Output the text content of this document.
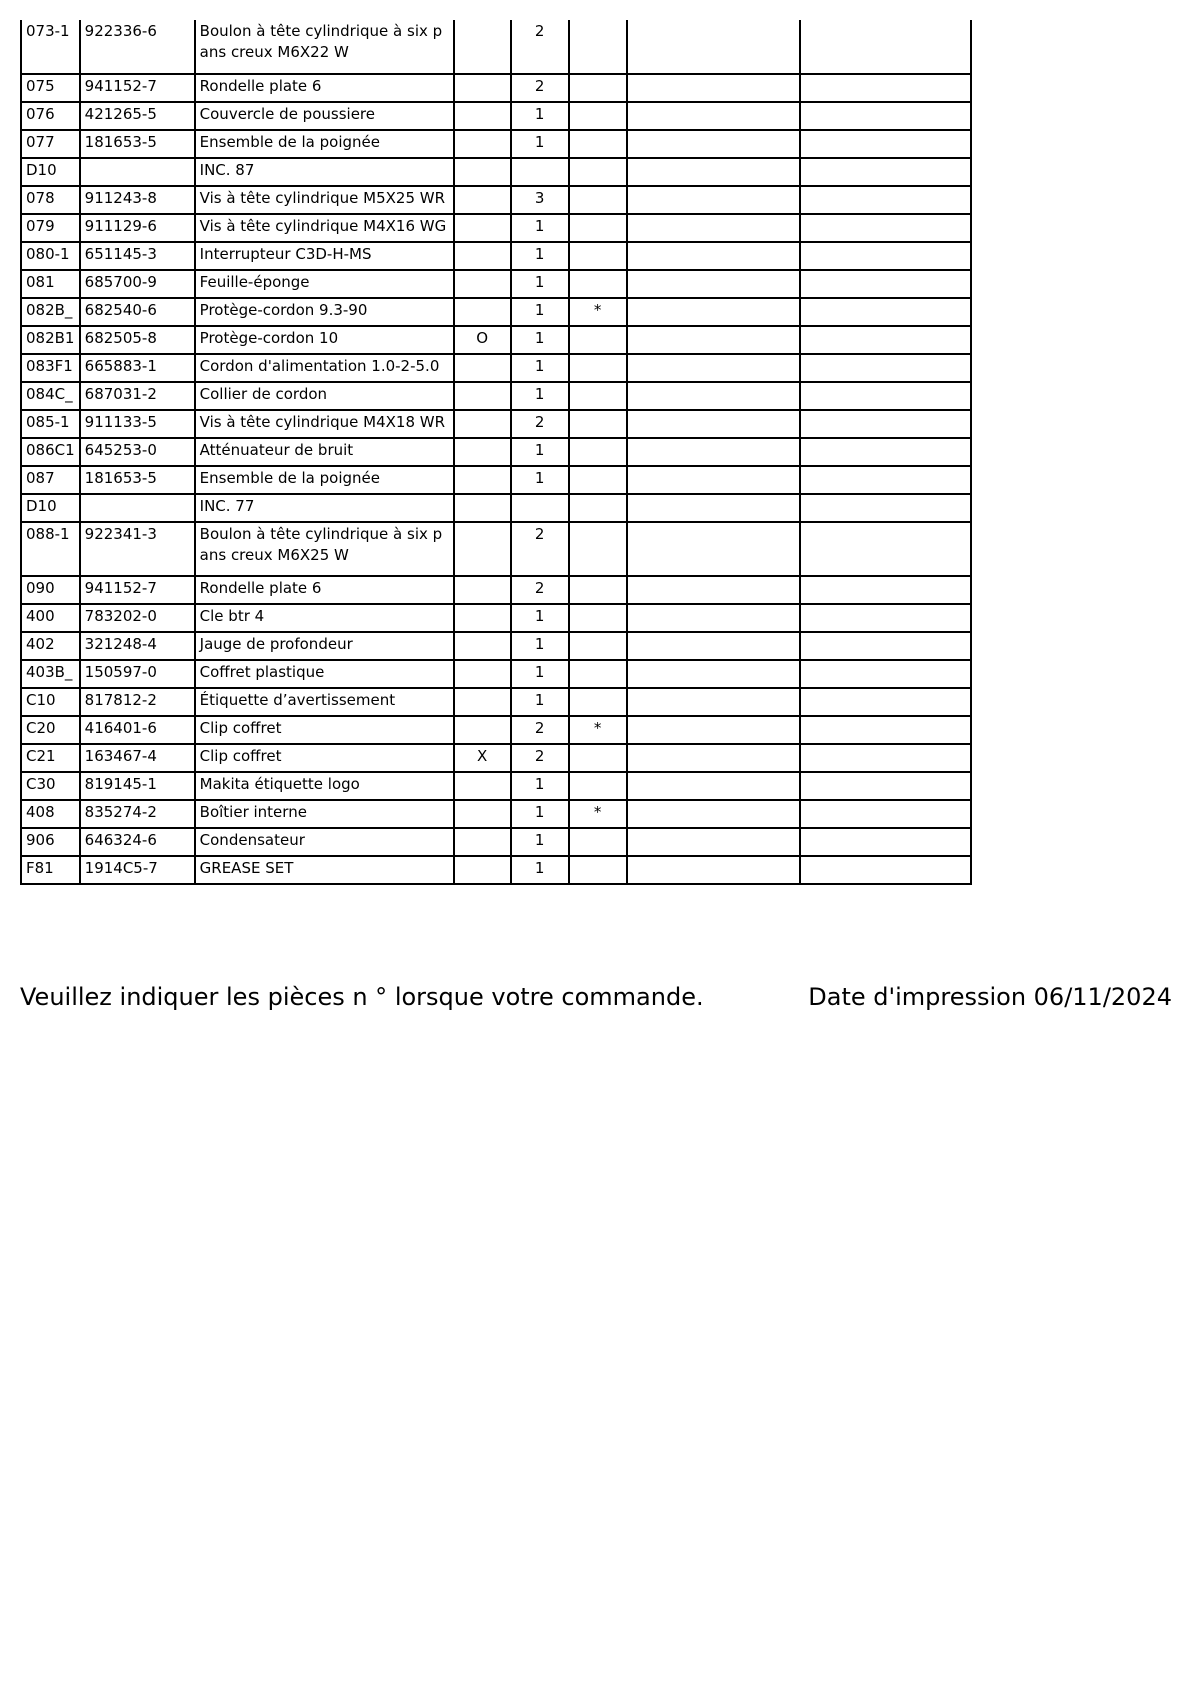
073-1	922336-6	Boulon à tête cylindrique à six pans creux M6X22 W		2			
075	941152-7	Rondelle plate 6		2			
076	421265-5	Couvercle de poussiere		1			
077	181653-5	Ensemble de la poignée		1			
D10		INC. 87					
078	911243-8	Vis à tête cylindrique M5X25 WR		3			
079	911129-6	Vis à tête cylindrique M4X16 WG		1			
080-1	651145-3	Interrupteur C3D-H-MS		1			
081	685700-9	Feuille-éponge		1			
082B_	682540-6	Protège-cordon 9.3-90		1	*		
082B1	682505-8	Protège-cordon 10	O	1			
083F1	665883-1	Cordon d'alimentation 1.0-2-5.0		1			
084C_	687031-2	Collier de cordon		1			
085-1	911133-5	Vis à tête cylindrique M4X18 WR		2			
086C1	645253-0	Atténuateur de bruit		1			
087	181653-5	Ensemble de la poignée		1			
D10		INC. 77					
088-1	922341-3	Boulon à tête cylindrique à six pans creux M6X25 W		2			
090	941152-7	Rondelle plate 6		2			
400	783202-0	Cle btr 4		1			
402	321248-4	Jauge de profondeur		1			
403B_	150597-0	Coffret plastique		1			
C10	817812-2	Étiquette d’avertissement		1			
C20	416401-6	Clip coffret		2	*		
C21	163467-4	Clip coffret	X	2			
C30	819145-1	Makita étiquette logo		1			
408	835274-2	Boîtier interne		1	*		
906	646324-6	Condensateur		1			
F81	1914C5-7	GREASE SET		1			
Veuillez indiquer les pièces n ° lorsque votre commande.	Date d'impression 06/11/2024
